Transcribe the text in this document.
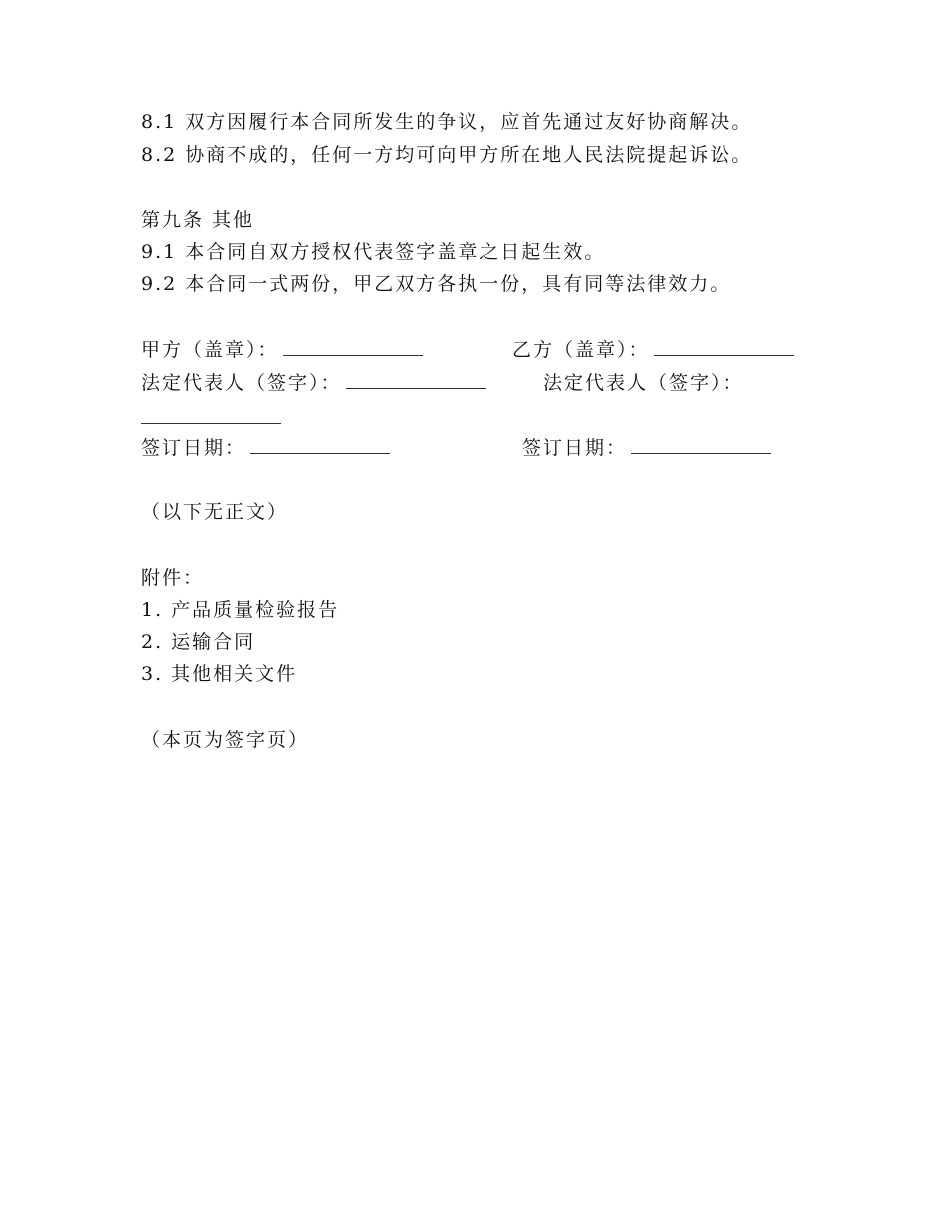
8.1 双方因履行本合同所发生的争议，应首先通过友好协商解决。
8.2 协商不成的，任何一方均可向甲方所在地人民法院提起诉讼。
第九条 其他
9.1 本合同自双方授权代表签字盖章之日起生效。
9.2 本合同一式两份，甲乙双方各执一份，具有同等法律效力。
甲方（盖章）：	乙方（盖章）：
法定代表人（签字）：	法定代表人（签字）：
签订日期：	签订日期：
（以下无正文）
附件：
1. 产品质量检验报告
2. 运输合同
3. 其他相关文件
（本页为签字页）
